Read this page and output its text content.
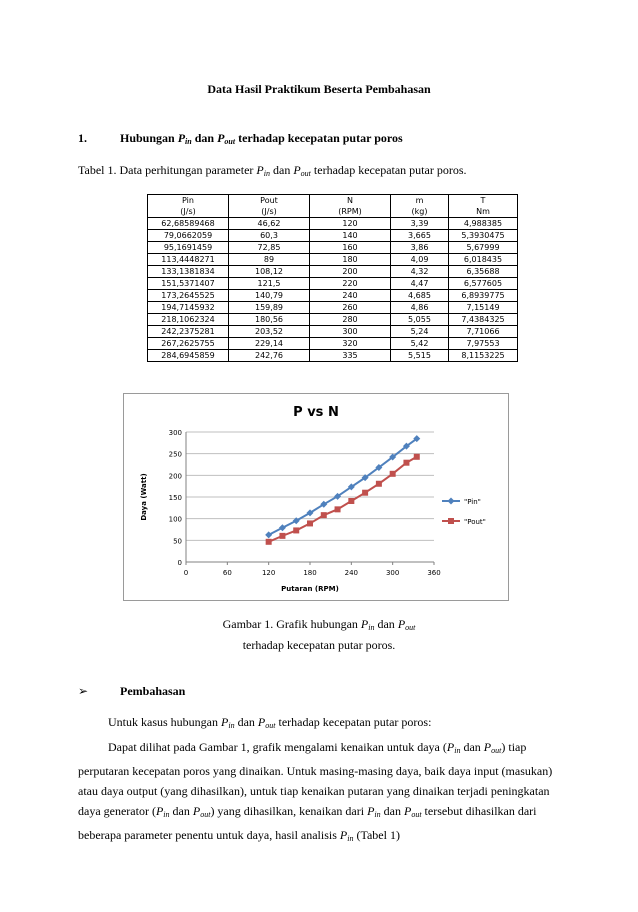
Data Hasil Praktikum Beserta Pembahasan
1.	Hubungan $P_{in}$ dan $P_{out}$ terhadap kecepatan putar poros
Tabel 1. Data perhitungan parameter $P_{in}$ dan $P_{out}$ terhadap kecepatan putar poros.
Pin	Pout	N	m	T
(J/s)	(J/s)	(RPM)	(kg)	Nm
62,68589468	46,62	120	3,39	4,988385
79,0662059	60,3	140	3,665	5,3930475
95,1691459	72,85	160	3,86	5,67999
113,4448271	89	180	4,09	6,018435
133,1381834	108,12	200	4,32	6,35688
151,5371407	121,5	220	4,47	6,577605
173,2645525	140,79	240	4,685	6,8939775
194,7145932	159,89	260	4,86	7,15149
218,1062324	180,56	280	5,055	7,4384325
242,2375281	203,52	300	5,24	7,71066
267,2625755	229,14	320	5,42	7,97553
284,6945859	242,76	335	5,515	8,1153225
P vs N
0
50
100
150
200
250
300
0	60	120	180	240	300	360
Putaran (RPM)
Daya (Watt)	"Pin"
"Pout"
Gambar 1. Grafik hubungan $P_{in}$ dan $P_{out}$
terhadap kecepatan putar poros.
➢	Pembahasan
Untuk kasus hubungan $P_{in}$ dan $P_{out}$ terhadap kecepatan putar poros:
Dapat dilihat pada Gambar 1, grafik mengalami kenaikan untuk daya ($P_{in}$ dan $P_{out}$) tiap perputaran kecepatan poros yang dinaikan. Untuk masing-masing daya, baik daya input (masukan) atau daya output (yang dihasilkan), untuk tiap kenaikan putaran yang dinaikan terjadi peningkatan daya generator ($P_{in}$ dan $P_{out}$) yang dihasilkan, kenaikan dari $P_{in}$ dan $P_{out}$ tersebut dihasilkan dari beberapa parameter penentu untuk daya, hasil analisis $P_{in}$ (Tabel 1)
